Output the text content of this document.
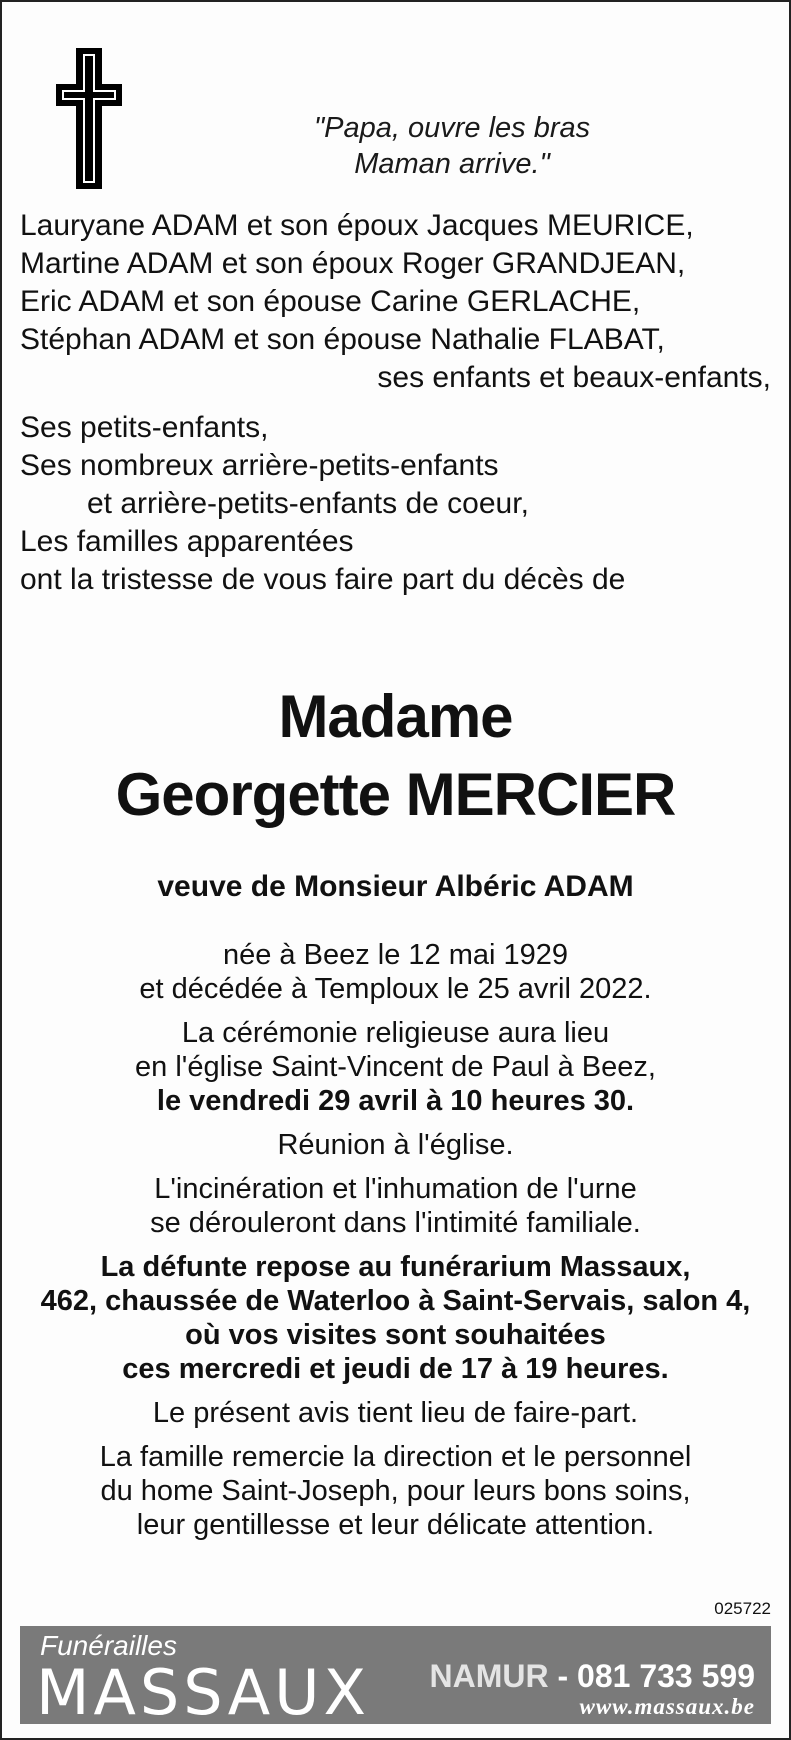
"Papa, ouvre les bras
Maman arrive."
Lauryane ADAM et son époux Jacques MEURICE,
Martine ADAM et son époux Roger GRANDJEAN,
Eric ADAM et son épouse Carine GERLACHE,
Stéphan ADAM et son épouse Nathalie FLABAT,
ses enfants et beaux-enfants,
Ses petits-enfants,
Ses nombreux arrière-petits-enfants
et arrière-petits-enfants de coeur,
Les familles apparentées
ont la tristesse de vous faire part du décès de
Madame
Georgette MERCIER
veuve de Monsieur Albéric ADAM
née à Beez le 12 mai 1929
et décédée à Temploux le 25 avril 2022.
La cérémonie religieuse aura lieu
en l'église Saint-Vincent de Paul à Beez,
le vendredi 29 avril à 10 heures 30.
Réunion à l'église.
L'incinération et l'inhumation de l'urne
se dérouleront dans l'intimité familiale.
La défunte repose au funérarium Massaux,
462, chaussée de Waterloo à Saint-Servais, salon 4,
où vos visites sont souhaitées
ces mercredi et jeudi de 17 à 19 heures.
Le présent avis tient lieu de faire-part.
La famille remercie la direction et le personnel
du home Saint-Joseph, pour leurs bons soins,
leur gentillesse et leur délicate attention.
025722
Funérailles
MASSAUX NAMUR - 081 733 599
www.massaux.be
